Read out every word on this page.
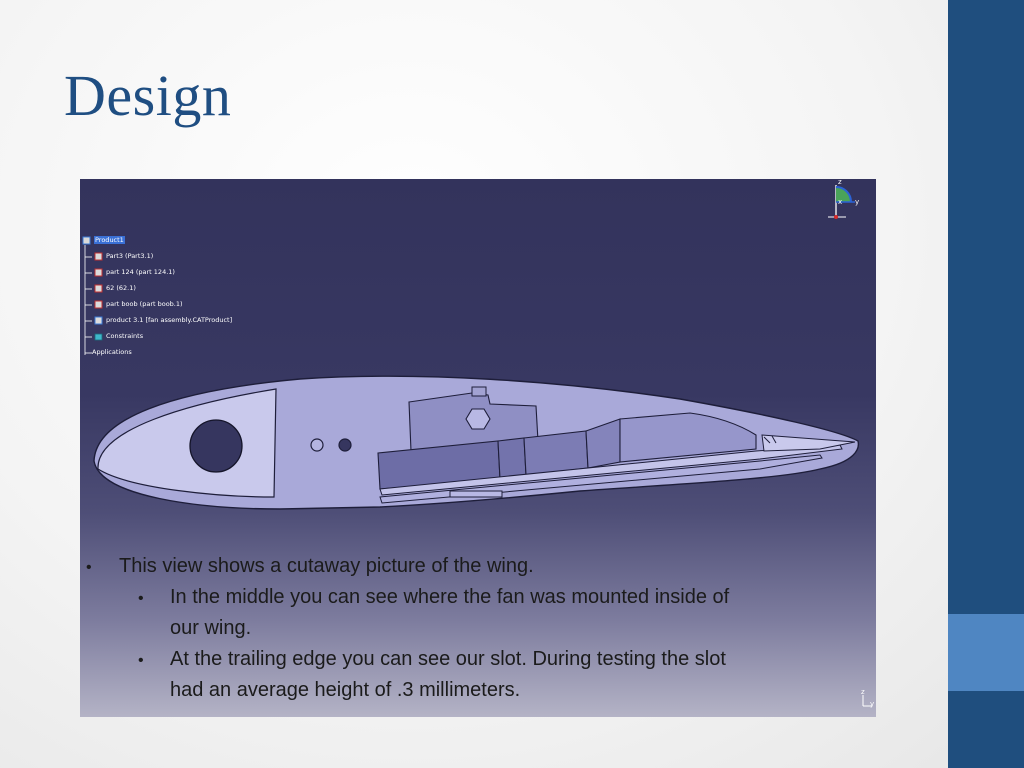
Design
x y
z
z
y
Product1
Part3 (Part3.1)
part 124 (part 124.1)
62 (62.1)
part boob (part boob.1)
product 3.1 [fan assembly.CATProduct]
Constraints
Applications
• This view shows a cutaway picture of the wing.
• In the middle you can see where the fan was mounted inside of
our wing.
• At the trailing edge you can see our slot. During testing the slot
had an average height of .3 millimeters.
